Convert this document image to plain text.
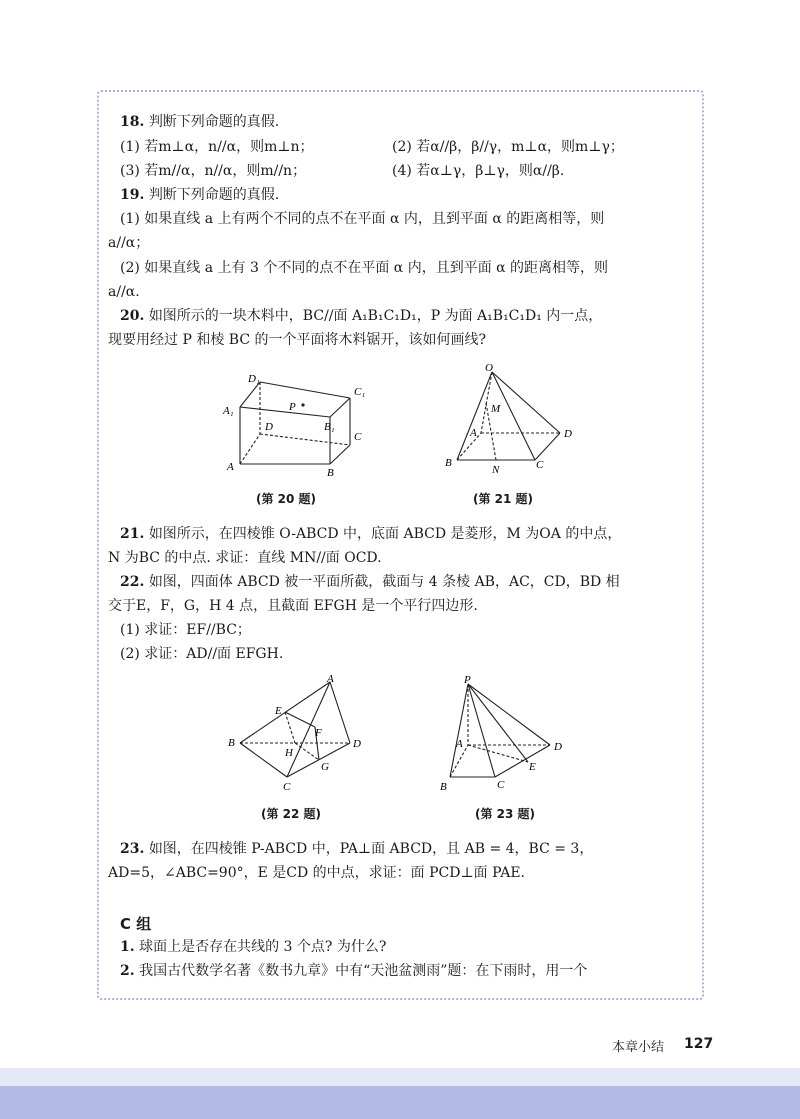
18. 判断下列命题的真假.
(1) 若m⊥α，n//α，则m⊥n；	(2) 若α//β，β//γ，m⊥α，则m⊥γ；
(3) 若m//α，n//α，则m//n；	(4) 若α⊥γ，β⊥γ，则α//β.
19. 判断下列命题的真假.
(1) 如果直线 a 上有两个不同的点不在平面 α 内，且到平面 α 的距离相等，则
a//α；
(2) 如果直线 a 上有 3 个不同的点不在平面 α 内，且到平面 α 的距离相等，则
a//α.
20. 如图所示的一块木料中，BC//面 A₁B₁C₁D₁，P 为面 A₁B₁C₁D₁ 内一点，
现要用经过 P 和棱 BC 的一个平面将木料锯开，该如何画线?
D₁
C₁
A₁	P
D	B₁
C
A	B
(第 20 题)
O
M
A	D
B
N	C
(第 21 题)
21. 如图所示，在四棱锥 O-ABCD 中，底面 ABCD 是菱形，M 为OA 的中点，
N 为BC 的中点. 求证：直线 MN//面 OCD.
22. 如图，四面体 ABCD 被一平面所截，截面与 4 条棱 AB，AC，CD，BD 相
交于E，F，G，H 4 点，且截面 EFGH 是一个平行四边形.
(1) 求证：EF//BC；
(2) 求证：AD//面 EFGH.
A
E
F
B
H
D
G
C
(第 22 题)
P
A	D
E
B	C
(第 23 题)
23. 如图，在四棱锥 P-ABCD 中，PA⊥面 ABCD，且 AB = 4，BC = 3，
AD=5，∠ABC=90°，E 是CD 的中点，求证：面 PCD⊥面 PAE.
C 组
1. 球面上是否存在共线的 3 个点? 为什么?
2. 我国古代数学名著《数书九章》中有“天池盆测雨”题：在下雨时，用一个
本章小结 127
